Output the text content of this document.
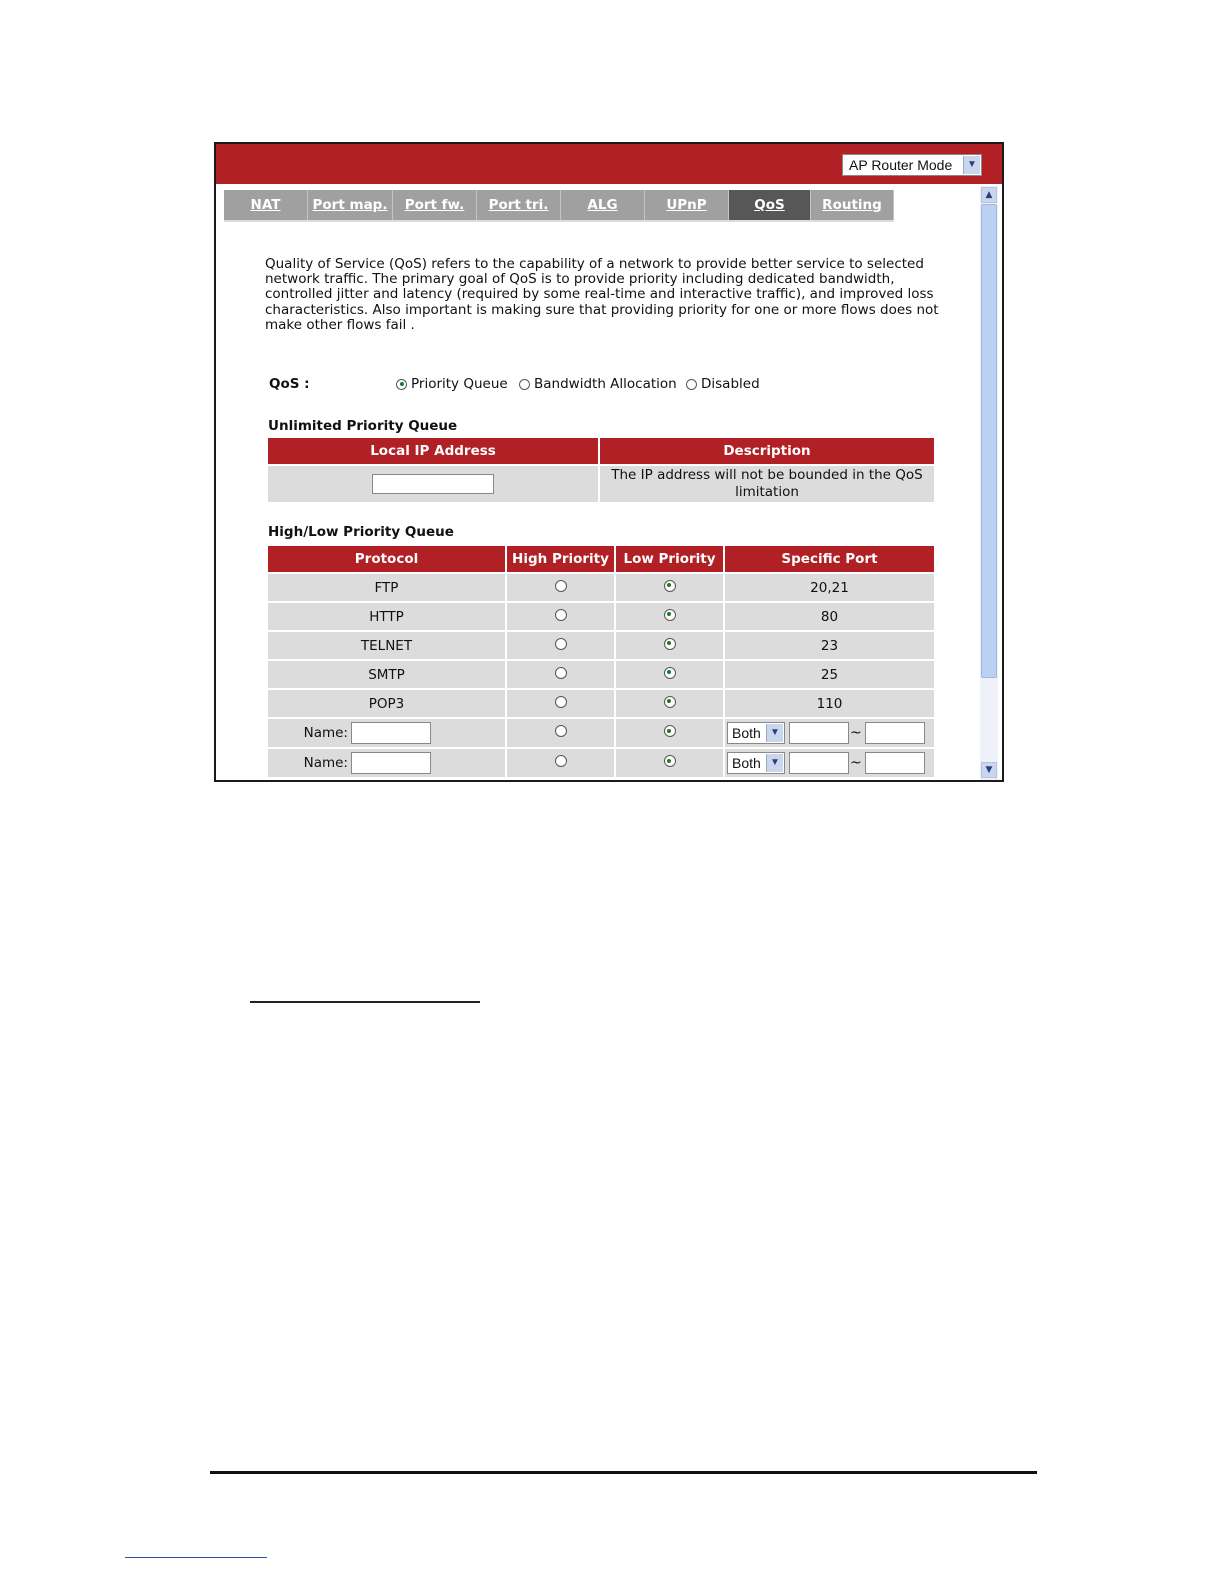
AP Router Mode	▼
NAT	Port map.	Port fw.	Port tri.	ALG	UPnP	QoS	Routing
▲
▼
Quality of Service (QoS) refers to the capability of a network to provide better service to selected network traffic. The primary goal of QoS is to provide priority including dedicated bandwidth, controlled jitter and latency (required by some real-time and interactive traffic), and improved loss characteristics. Also important is making sure that providing priority for one or more flows does not make other flows fail .
QoS :	Priority Queue Bandwidth Allocation Disabled
Unlimited Priority Queue
Local IP Address	Description
	The IP address will not be bounded in the QoS limitation
High/Low Priority Queue
Protocol	High Priority	Low Priority	Specific Port
FTP			20,21
HTTP			80
TELNET			23
SMTP			25
POP3			110
Name:			Both ▼ ~
Name:			Both ▼ ~
